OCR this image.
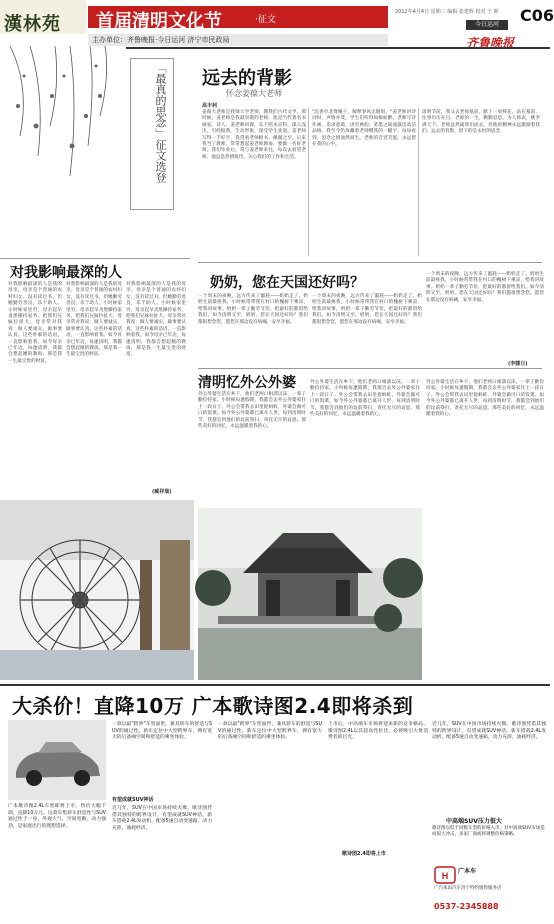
漢林苑 首届清明文化节	·征文
2012年4月4日 星期三 编辑 张建辉 校对 王 晖 C06
今日运河
主办单位：齐鲁晚报·今日运河 济宁市民政局	齐鲁晚报
「最真的思念」征文选登 远去的背影
怀念姜葆大老师
高丰利
姜葆大老师是我师大学老师，教我们古代文学。那时候，姜老师是我最崇敬的老师，他是当代著名书画家、诗人。姜老师讲课，从不照本宣科，深入浅出，引经据典，生动形象，深受学生欢迎。姜老师写得一手好字，我常看老师板书，佩服之至。后来我当了教师，常常想起姜老师教诲，要做一名好老师。我们毕业后，常与姜老师来往，每次去看望老师，他总是热情接待，关心我们的工作和生活。
"沉香亭北倚阑干，解释春风无限恨。"姜老师讲诗词时，声情并茂，学生们听得如痴如醉。老师写诗作画，追求意境，讲究神韵，笔墨之间流露出高洁品格。我至今仍珍藏着老师赠我的一幅字。每每看到，思念之情油然而生。老师的音容笑貌，永远留在我的心中。
清明节前，我又去老师墓前，献上一束鲜花。站在墓前，往事历历在目。老师的一生，勤勤恳恳，为人师表，桃李满天下。老师虽然离我们而去，但他的精神永远激励着我们。远去的背影，留下的是永恒的思念。
对我影响最深的人
对我影响最深的人是我的母亲。母亲是个普通的农村妇女，没有读过书，但她勤劳善良，乐于助人。小时候家里穷，母亲起早贪黑操持家务，把我们兄妹拉扯大。母亲常对我说：做人要诚实，做事要认真。这些朴素的话语，一直影响着我。如今母亲已年迈，每逢清明，我都会想起她的教诲，那是我一生最宝贵的财富。
对我影响最深的人是我的母亲。母亲是个普通的农村妇女，没有读过书，但她勤劳善良，乐于助人。小时候家里穷，母亲起早贪黑操持家务，把我们兄妹拉扯大。母亲常对我说：做人要诚实，做事要认真。这些朴素的话语，一直影响着我。如今母亲已年迈，每逢清明，我都会想起她的教诲，那是我一生最宝贵的财富。
对我影响最深的人是我的母亲。母亲是个普通的农村妇女，没有读过书，但她勤劳善良，乐于助人。小时候家里穷，母亲起早贪黑操持家务，把我们兄妹拉扯大。母亲常对我说：做人要诚实，做事要认真。这些朴素的话语，一直影响着我。如今母亲已年迈，每逢清明，我都会想起她的教诲，那是我一生最宝贵的财富。
(臧祥瑞)
奶奶，您在天国还好吗？
一个周末的夜晚，远方传来了噩耗——奶奶走了。奶奶生前最疼我，小时候常带我在村口的槐树下乘凉，给我讲故事。奶奶一辈子勤劳节俭，把最好的都留给我们。如今清明又至，奶奶，您在天国还好吗？我们都很想念您，愿您在那边没有病痛，安享幸福。
一个周末的夜晚，远方传来了噩耗——奶奶走了。奶奶生前最疼我，小时候常带我在村口的槐树下乘凉，给我讲故事。奶奶一辈子勤劳节俭，把最好的都留给我们。如今清明又至，奶奶，您在天国还好吗？我们都很想念您，愿您在那边没有病痛，安享幸福。
一个周末的夜晚，远方传来了噩耗——奶奶走了。奶奶生前最疼我，小时候常带我在村口的槐树下乘凉，给我讲故事。奶奶一辈子勤劳节俭，把最好的都留给我们。如今清明又至，奶奶，您在天国还好吗？我们都很想念您，愿您在那边没有病痛，安享幸福。
(李娜日)
清明忆外公外婆
外公外婆生活在乡下，他们老两口相濡以沫，一辈子勤俭持家。小时候每逢假期，我都会去外公外婆家住上一段日子。外公会带我去田里捉蚂蚱，外婆会做可口的饭菜。如今外公外婆都已离开人世，每到清明时节，我都会到他们的坟前祭扫，寄托无尽的哀思。那些美好的回忆，永远温暖着我的心。
外公外婆生活在乡下，他们老两口相濡以沫，一辈子勤俭持家。小时候每逢假期，我都会去外公外婆家住上一段日子。外公会带我去田里捉蚂蚱，外婆会做可口的饭菜。如今外公外婆都已离开人世，每到清明时节，我都会到他们的坟前祭扫，寄托无尽的哀思。那些美好的回忆，永远温暖着我的心。
外公外婆生活在乡下，他们老两口相濡以沫，一辈子勤俭持家。小时候每逢假期，我都会去外公外婆家住上一段日子。外公会带我去田里捉蚂蚱，外婆会做可口的饭菜。如今外公外婆都已离开人世，每到清明时节，我都会到他们的坟前祭扫，寄托无尽的哀思。那些美好的回忆，永远温暖着我的心。
大杀价！直降10万 广本歌诗图2.4即将杀到
广本歌诗图2.4L车型即将上市，售价大幅下调，直降10万元。这款车集轿车舒适性与SUV通过性于一身，外观大气，空间宽敞，动力强劲，是家庭出行的理想选择。
有望成就SUV神话
一款以最"跨界"车型面世，兼具轿车的舒适与SUV的通过性。新车定位中大型跨界车，拥有宽大的后备厢空间和舒适的乘坐体验。
近几年，SUV在中国市场持续火爆。歌诗图凭借其独特的跨界设计，有望成就SUV神话。新车搭载2.4L发动机，配备5速自动变速箱，动力充沛，油耗经济。
一款以最"跨界"车型面世，兼具轿车的舒适与SUV的通过性。新车定位中大型跨界车，拥有宽大的后备厢空间和舒适的乘坐体验。
上市后，中高端车市场将迎来新的竞争格局。歌诗图2.4L以其超高性价比，必将吸引大批消费者的目光。
近几年，SUV在中国市场持续火爆。歌诗图凭借其独特的跨界设计，有望成就SUV神话。新车搭载2.4L发动机，配备5速自动变速箱，动力充沛，油耗经济。
歌诗图2.4即将上市
中高端SUV压力很大
歌诗图以低于同级车型的价格入市，对中高端SUV市场造成很大冲击，多家厂商或将调整价格策略。
H 广本车
广汽本田汽车济宁特约销售服务店
0537-2345888
